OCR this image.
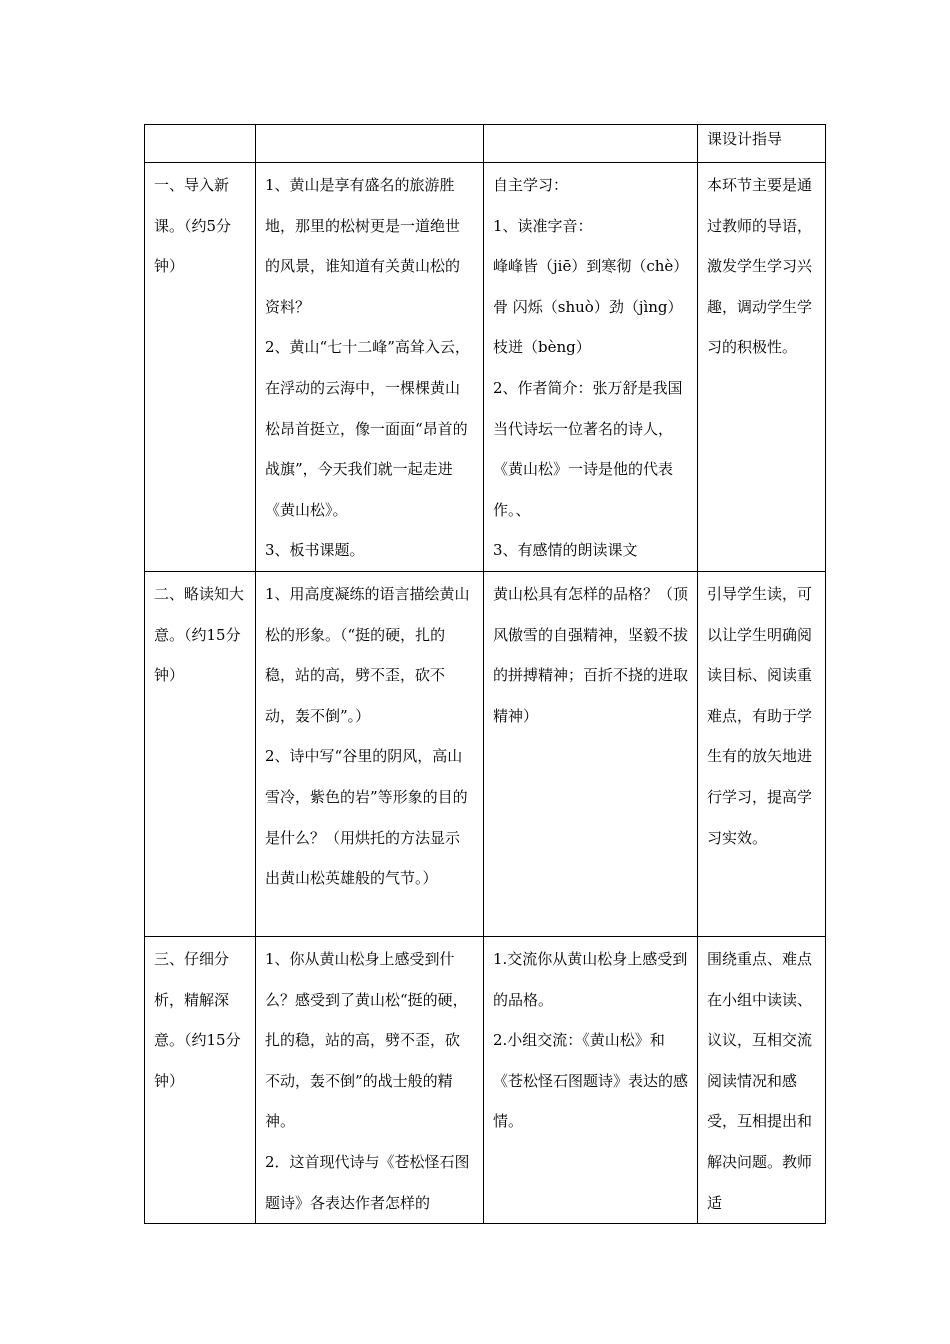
			课设计指导

一、导入新课。（约5分钟）	1、黄山是享有盛名的旅游胜地，那里的松树更是一道绝世的风景，谁知道有关黄山松的资料？
2、黄山“七十二峰”高耸入云，在浮动的云海中，一棵棵黄山松昂首挺立，像一面面“昂首的战旗”，今天我们就一起走进《黄山松》。
3、板书课题。	自主学习：
1、读准字音：
峰峰皆（jiē）到寒彻（chè）骨 闪烁（shuò）劲（jìng）枝迸（bèng）
2、作者简介：张万舒是我国当代诗坛一位著名的诗人，《黄山松》一诗是他的代表作。、
3、有感情的朗读课文	本环节主要是通过教师的导语，激发学生学习兴趣，调动学生学习的积极性。
二、略读知大意。（约15分钟）	1、用高度凝练的语言描绘黄山松的形象。（“挺的硬，扎的稳，站的高，劈不歪，砍不动，轰不倒”。）
2、诗中写“谷里的阴风，高山雪冷，紫色的岩”等形象的目的是什么？（用烘托的方法显示出黄山松英雄般的气节。）	黄山松具有怎样的品格？（顶风傲雪的自强精神，坚毅不拔的拼搏精神；百折不挠的进取精神）	引导学生读，可以让学生明确阅读目标、阅读重难点，有助于学生有的放矢地进行学习，提高学习实效。
三、仔细分析，精解深意。（约15分钟）	1、你从黄山松身上感受到什么？感受到了黄山松“挺的硬，扎的稳，站的高，劈不歪，砍不动，轰不倒”的战士般的精神。
2．这首现代诗与《苍松怪石图题诗》各表达作者怎样的	1.交流你从黄山松身上感受到的品格。
2.小组交流：《黄山松》和《苍松怪石图题诗》表达的感情。	围绕重点、难点在小组中读读、议议，互相交流阅读情况和感受，互相提出和解决问题。教师适
